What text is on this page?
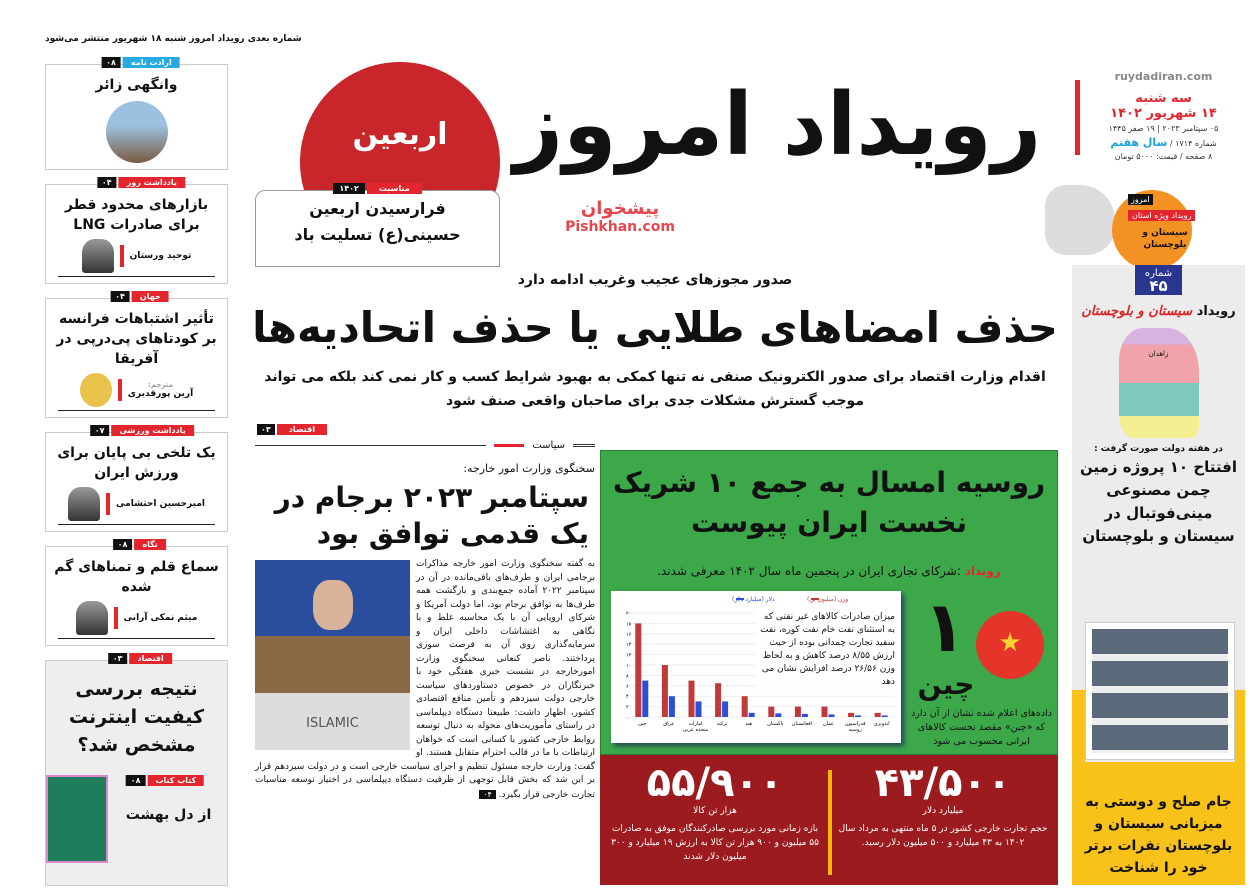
شماره بعدی رویداد امروز شنبه ۱۸ شهریور منتشر می‌شود
ارادت نامه
۰۸
وانگهی زائر
یادداشت روز
۰۴
بازارهای محدود قطر برای صادرات LNG
توحید ورستان
جهان
۰۴
تأثیر اشتباهات فرانسه بر کودتاهای پی‌درپی در آفریقا
مترجم:
آرین پورقدیری
یادداشت ورزشی
۰۷
یک تلخی بی پایان برای ورزش ایران
امیرحسین احتشامی
نگاه
۰۸
سماع قلم و تمناهای گم شده
میثم نمکی آرانی
اقتصاد
۰۳
نتیجه بررسی کیفیت اینترنت مشخص شد؟
کتاب کتاب
۰۸
از دل بهشت
رویداد امروز
پیشخوان
Pishkhan.com
اربعین
مناسبت
۱۴۰۲
فرارسیدن اربعین حسینی(ع) تسلیت باد
ruydadiran.com
سه شنبه
۱۴ شهریور ۱۴۰۲
۰۵ سپتامبر ۲۰۲۳ | ۱۹ صفر ۱۴۴۵
شماره ۱۷۱۴ / سال هفتم
۸ صفحه / قیمت: ۵۰۰۰ تومان
امروز
رویداد ویژه استان
سیستان و بلوچستان
صدور مجوزهای عجیب وغریب ادامه دارد
حذف امضاهای طلایی یا حذف اتحادیه‌ها
اقدام وزارت اقتصاد برای صدور الکترونیک صنفی نه تنها کمکی به بهبود شرایط کسب و کار نمی کند بلکه می تواند موجب گسترش مشکلات جدی برای صاحبان واقعی صنف شود
۰۳	اقتصاد
سیاست
سخنگوی وزارت امور خارجه:
سپتامبر ۲۰۲۳ برجام در یک قدمی توافق بود
ISLAMIC
به گفته سخنگوی وزارت امور خارجه مذاکرات برجامی ایران و طرف‌های باقی‌مانده در آن در سپتامبر ۲۰۲۲ آماده جمع‌بندی و بازگشت همه طرف‌ها به توافق برجام بود، اما دولت آمریکا و شرکای اروپایی آن با یک محاسبه غلط و با نگاهی به اغتشاشات داخلی ایران و سرمایه‌گذاری روی آن به فرصت سوزی پرداختند. ناصر کنعانی سخنگوی وزارت امورخارجه در نشست خبری هفتگی خود با خبرنگاران در خصوص دستاوردهای سیاست خارجی دولت سیزدهم و تأمین منافع اقتصادی کشور، اظهار داشت: طبیعتا دستگاه دیپلماسی در راستای مأموریت‌های محوله به دنبال توسعه روابط خارجی کشور با کسانی است که خواهان ارتباطات با ما در قالب احترام متقابل هستند. او گفت: وزارت خارجه مسئول تنظیم و اجرای سیاست خارجی است و در دولت سیزدهم قرار بر این شد که بخش قابل توجهی از ظرفیت دستگاه دیپلماسی در اختیار توسعه مناسبات تجارت خارجی قرار بگیرد. ۰۴
روسیه امسال به جمع ۱۰ شریک نخست ایران پیوست
رویداد :شرکای تجاری ایران در پنجمین ماه سال ۱۴۰۲ معرفی شدند.
۰
۲
۴
۶
۸
۱۰
۱۲
۱۴
۱۶
۱۸
۲۰
چین	عراق	امارات متحده عربی
ترکیه	هند	پاکستان افغانستان عمان فدراسیون روسیه
اندونزی
وزن (میلیون تن)
دلار (میلیارد دلار)
میزان صادرات کالاهای غیر نفتی که به استثنای نفت خام نفت کوره، نفت سفید تجارت چمدانی بوده از حیث ارزش ۸/۵۵ درصد کاهش و به لحاظ وزن ۲۶/۵۶ درصد افزایش نشان می دهد
۱
چین
★
داده‌های اعلام شده نشان از آن دارد که «چین» مقصد نخست کالاهای ایرانی محسوب می شود
۴۳/۵۰۰
میلیارد دلار
حجم تجارت خارجی کشور در ۵ ماه منتهی به مرداد سال ۱۴۰۲ به ۴۳ میلیارد و ۵۰۰ میلیون دلار رسید.
۵۵/۹۰۰
هزار تن کالا
بازه زمانی مورد بررسی صادرکنندگان موفق به صادرات ۵۵ میلیون و ۹۰۰ هزار تن کالا به ارزش ۱۹ میلیارد و ۳۰۰ میلیون دلار شدند
شماره
۴۵
رویداد سیستان و بلوچستان
زاهدان
در هفته دولت صورت گرفت :
افتتاح ۱۰ پروژه زمین چمن مصنوعی مینی‌فوتبال در سیستان و بلوچستان
جام صلح و دوستی به میزبانی سیستان و بلوچستان نفرات برتر خود را شناخت
